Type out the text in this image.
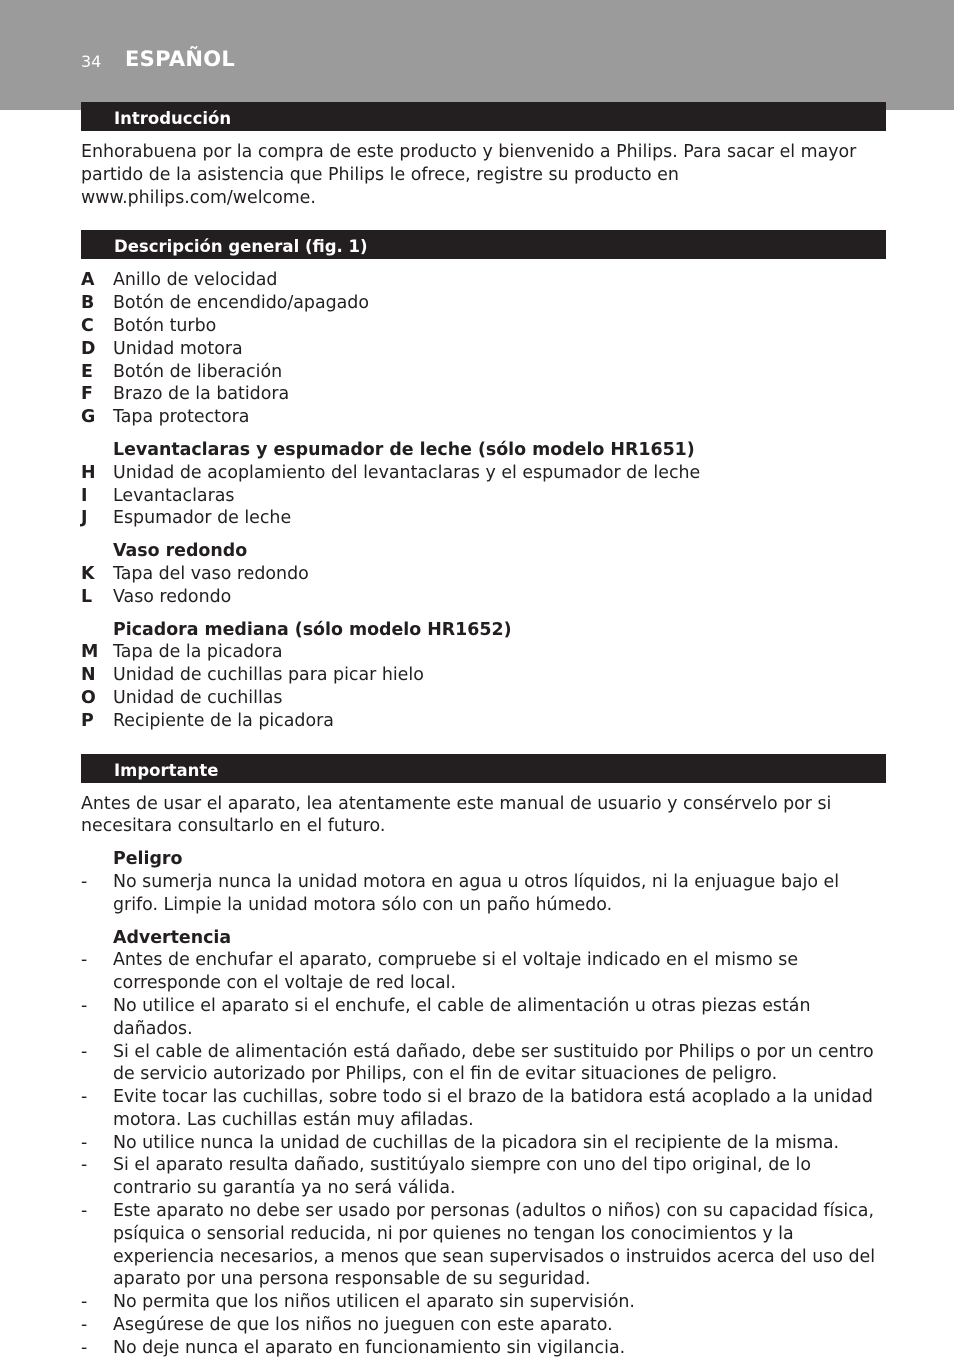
34 ESPAÑOL
Introducción

Enhorabuena por la compra de este producto y bienvenido a Philips. Para sacar el mayor partido de la asistencia que Philips le ofrece, registre su producto en www.philips.com/welcome.

Descripción general (fig. 1)
A	Anillo de velocidad
B	Botón de encendido/apagado
C	Botón turbo
D	Unidad motora
E	Botón de liberación
F	Brazo de la batidora
G	Tapa protectora
Levantaclaras y espumador de leche (sólo modelo HR1651)
H	Unidad de acoplamiento del levantaclaras y el espumador de leche
I	Levantaclaras
J	Espumador de leche
Vaso redondo
K	Tapa del vaso redondo
L	Vaso redondo
Picadora mediana (sólo modelo HR1652)
M Tapa de la picadora
N	Unidad de cuchillas para picar hielo
O Unidad de cuchillas
P	Recipiente de la picadora
Importante

Antes de usar el aparato, lea atentamente este manual de usuario y consérvelo por si necesitara consultarlo en el futuro.

Peligro
-	No sumerja nunca la unidad motora en agua u otros líquidos, ni la enjuague bajo el grifo. Limpie la unidad motora sólo con un paño húmedo.
Advertencia
-	Antes de enchufar el aparato, compruebe si el voltaje indicado en el mismo se corresponde con el voltaje de red local.
-	No utilice el aparato si el enchufe, el cable de alimentación u otras piezas están dañados.
-	Si el cable de alimentación está dañado, debe ser sustituido por Philips o por un centro de servicio autorizado por Philips, con el fin de evitar situaciones de peligro.
-	Evite tocar las cuchillas, sobre todo si el brazo de la batidora está acoplado a la unidad motora. Las cuchillas están muy afiladas.
-	No utilice nunca la unidad de cuchillas de la picadora sin el recipiente de la misma.
-	Si el aparato resulta dañado, sustitúyalo siempre con uno del tipo original, de lo contrario su garantía ya no será válida.
-	Este aparato no debe ser usado por personas (adultos o niños) con su capacidad física, psíquica o sensorial reducida, ni por quienes no tengan los conocimientos y la experiencia necesarios, a menos que sean supervisados o instruidos acerca del uso del aparato por una persona responsable de su seguridad.
-	No permita que los niños utilicen el aparato sin supervisión.
-	Asegúrese de que los niños no jueguen con este aparato.
-	No deje nunca el aparato en funcionamiento sin vigilancia.
